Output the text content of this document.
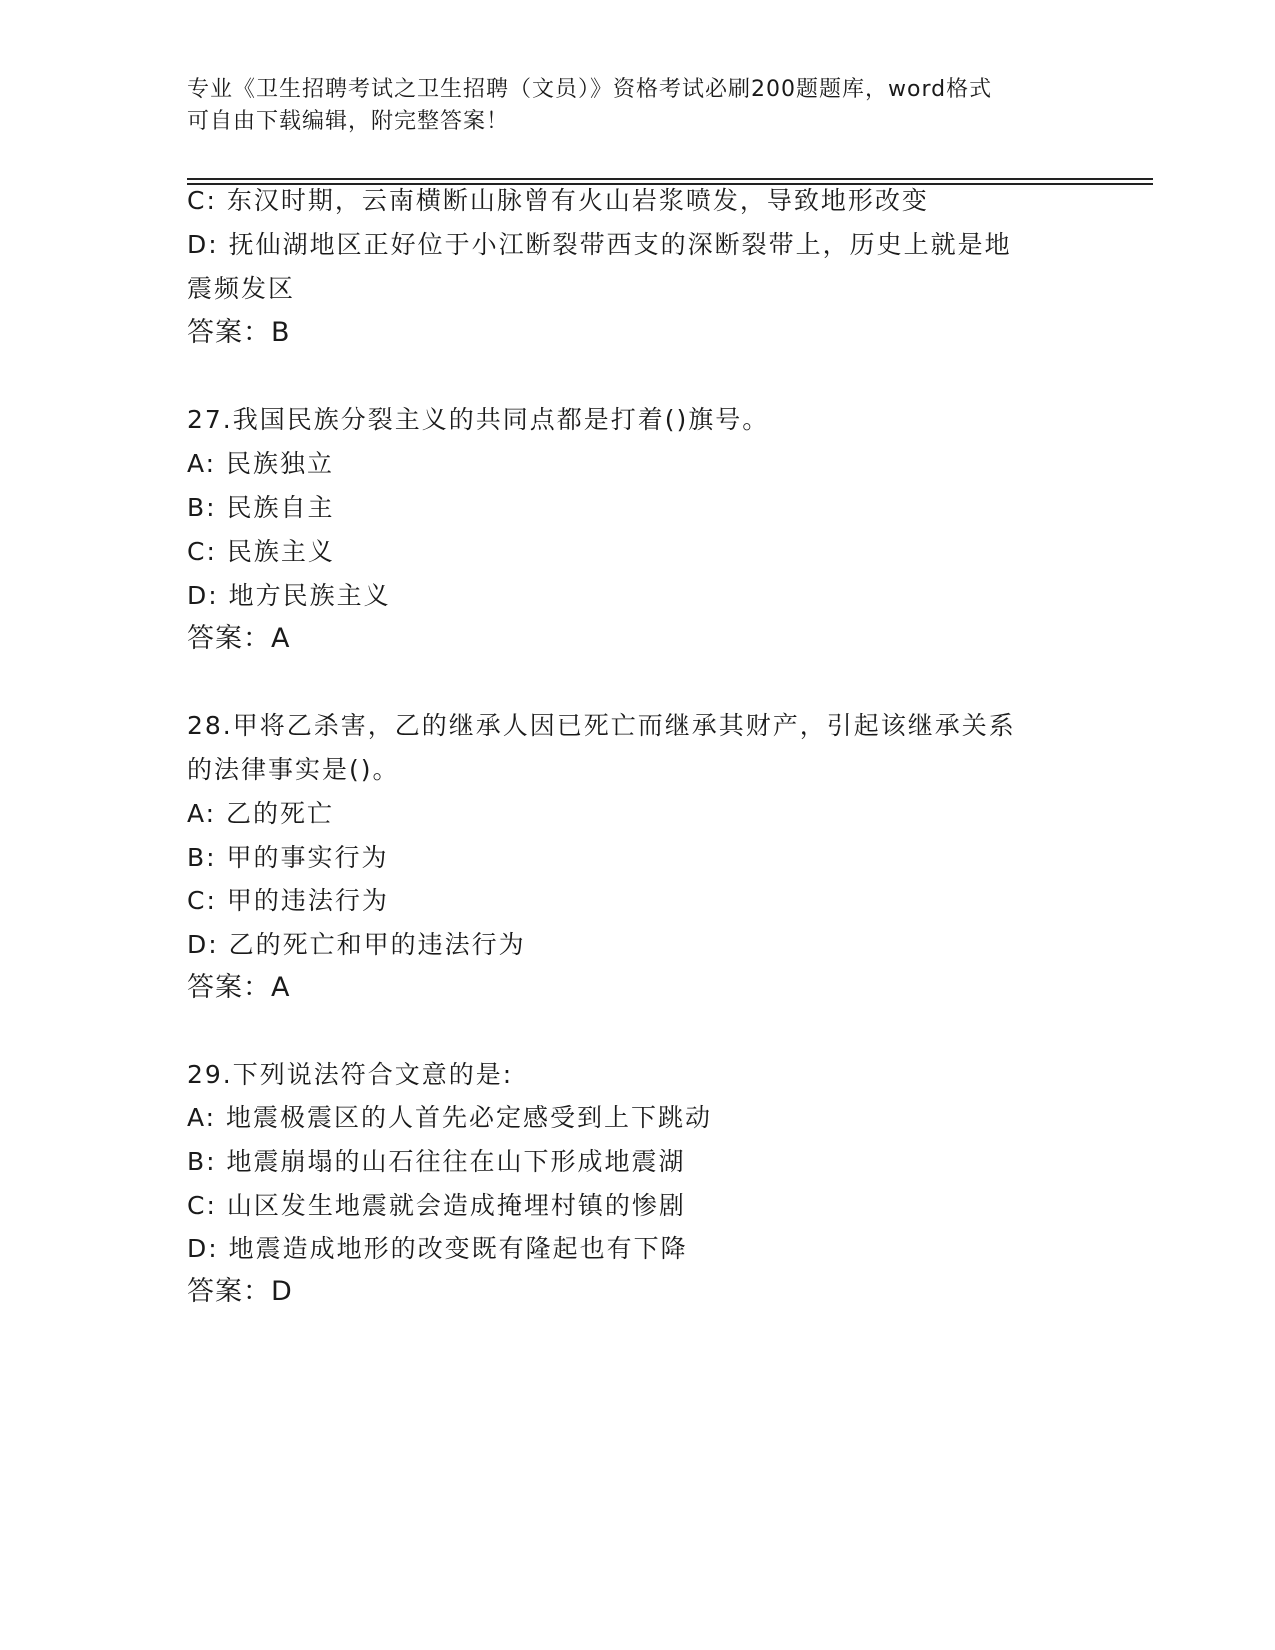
专业《卫生招聘考试之卫生招聘（文员）》资格考试必刷200题题库，word格式
可自由下载编辑，附完整答案！
C: 东汉时期，云南横断山脉曾有火山岩浆喷发，导致地形改变
D: 抚仙湖地区正好位于小江断裂带西支的深断裂带上，历史上就是地
震频发区
答案：B
27.我国民族分裂主义的共同点都是打着()旗号。
A: 民族独立
B: 民族自主
C: 民族主义
D: 地方民族主义
答案：A
28.甲将乙杀害，乙的继承人因已死亡而继承其财产，引起该继承关系
的法律事实是()。
A: 乙的死亡
B: 甲的事实行为
C: 甲的违法行为
D: 乙的死亡和甲的违法行为
答案：A
29.下列说法符合文意的是:
A: 地震极震区的人首先必定感受到上下跳动
B: 地震崩塌的山石往往在山下形成地震湖
C: 山区发生地震就会造成掩埋村镇的惨剧
D: 地震造成地形的改变既有隆起也有下降
答案：D
